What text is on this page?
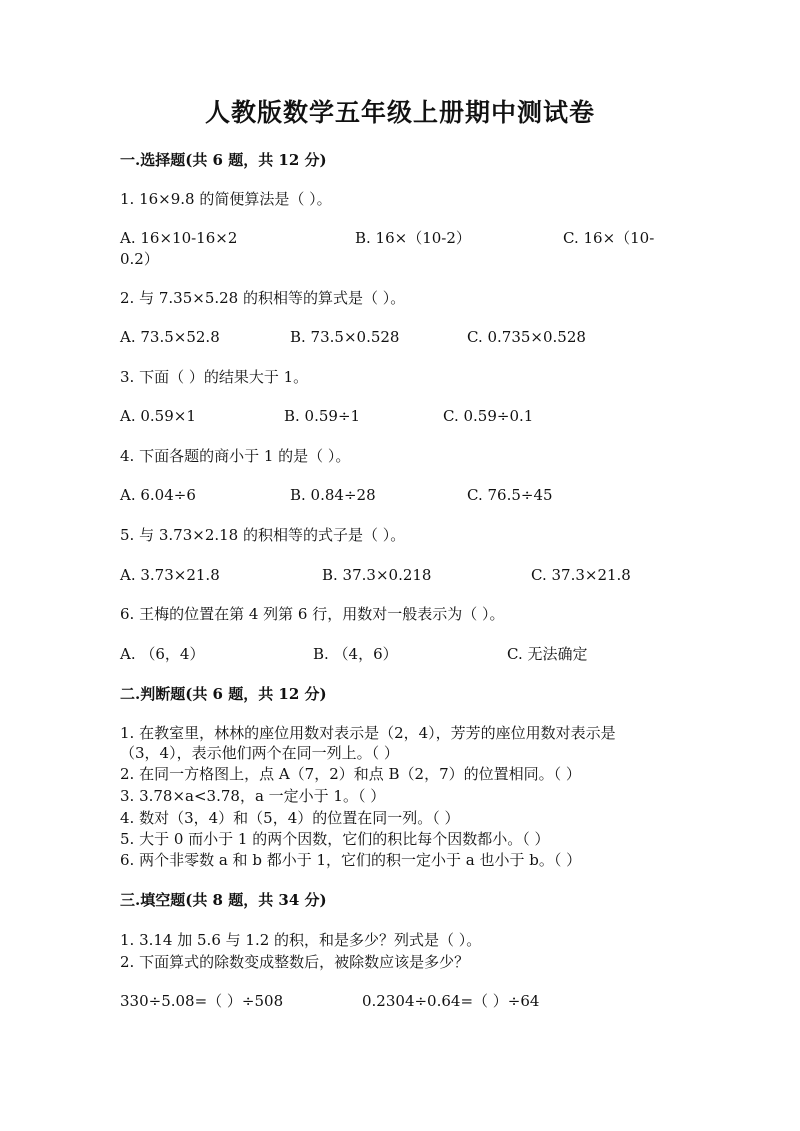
人教版数学五年级上册期中测试卷
一.选择题(共 6 题，共 12 分)
1. 16×9.8 的简便算法是（ ）。
A. 16×10-16×2	B. 16×（10-2）	C. 16×（10-
0.2）
2. 与 7.35×5.28 的积相等的算式是（ ）。
A. 73.5×52.8	B. 73.5×0.528	C. 0.735×0.528
3. 下面（ ）的结果大于 1。
A. 0.59×1	B. 0.59÷1	C. 0.59÷0.1
4. 下面各题的商小于 1 的是（ ）。
A. 6.04÷6	B. 0.84÷28	C. 76.5÷45
5. 与 3.73×2.18 的积相等的式子是（ ）。
A. 3.73×21.8	B. 37.3×0.218	C. 37.3×21.8
6. 王梅的位置在第 4 列第 6 行，用数对一般表示为（ ）。
A. （6，4）	B. （4，6）	C. 无法确定
二.判断题(共 6 题，共 12 分)
1. 在教室里，林林的座位用数对表示是（2，4），芳芳的座位用数对表示是
（3，4），表示他们两个在同一列上。（ ）
2. 在同一方格图上，点 A（7，2）和点 B（2，7）的位置相同。（ ）
3. 3.78×a<3.78，a 一定小于 1。（ ）
4. 数对（3，4）和（5，4）的位置在同一列。（ ）
5. 大于 0 而小于 1 的两个因数，它们的积比每个因数都小。（ ）
6. 两个非零数 a 和 b 都小于 1，它们的积一定小于 a 也小于 b。（ ）
三.填空题(共 8 题，共 34 分)
1. 3.14 加 5.6 与 1.2 的积，和是多少？列式是（ ）。
2. 下面算式的除数变成整数后，被除数应该是多少？
330÷5.08=（ ）÷508	0.2304÷0.64=（ ）÷64
